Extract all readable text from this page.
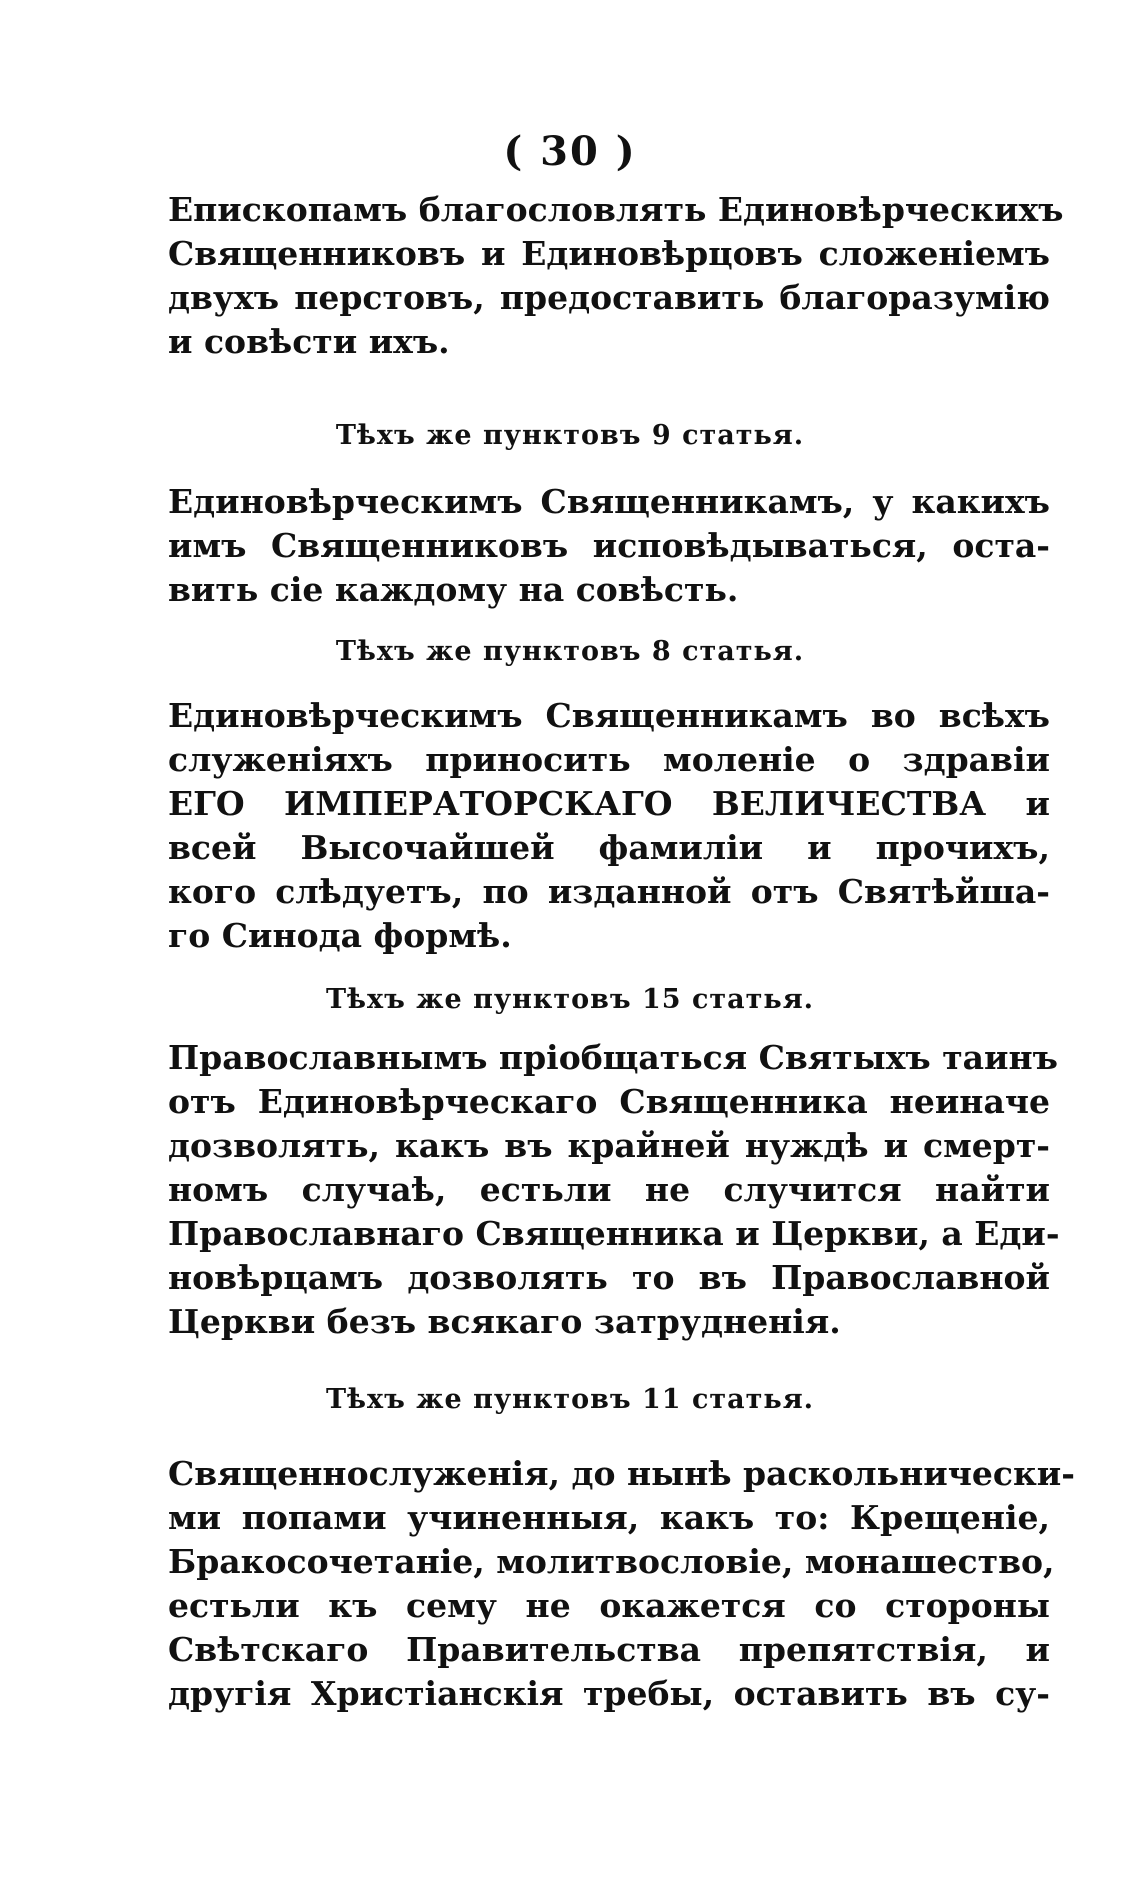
( 30 )
Епископамъ благословлять Единовѣрческихъ
Священниковъ и Единовѣрцовъ сложеніемъ
двухъ перстовъ, предоставить благоразумію
и совѣсти ихъ.
Тѣхъ же пунктовъ 9 статья.
Единовѣрческимъ Священникамъ, у какихъ
имъ Священниковъ исповѣдываться, оста-
вить сіе каждому на совѣсть.
Тѣхъ же пунктовъ 8 статья.
Единовѣрческимъ Священникамъ во всѣхъ
служеніяхъ приносить моленіе о здравіи
ЕГО ИМПЕРАТОРСКАГО ВЕЛИЧЕСТВА и
всей Высочайшей фамиліи и прочихъ,
кого слѣдуетъ, по изданной отъ Святѣйша-
го Синода формѣ.
Тѣхъ же пунктовъ 15 статья.
Православнымъ пріобщаться Святыхъ таинъ
отъ Единовѣрческаго Священника неиначе
дозволять, какъ въ крайней нуждѣ и смерт-
номъ случаѣ, естьли не случится найти
Православнаго Священника и Церкви, а Еди-
новѣрцамъ дозволять то въ Православной
Церкви безъ всякаго затрудненія.
Тѣхъ же пунктовъ 11 статья.
Священнослуженія, до нынѣ раскольнически-
ми попами учиненныя, какъ то: Крещеніе,
Бракосочетаніе, молитвословіе, монашество,
естьли къ сему не окажется со стороны
Свѣтскаго Правительства препятствія, и
другія Христіанскія требы, оставить въ су-
